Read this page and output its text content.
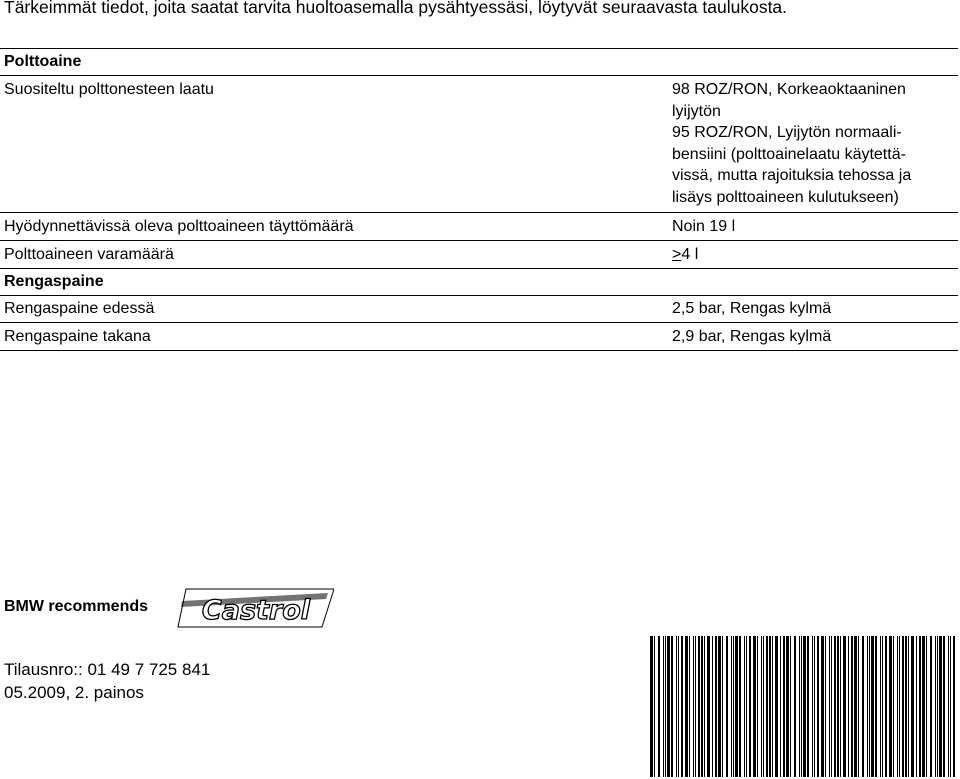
Tärkeimmät tiedot, joita saatat tarvita huoltoasemalla pysähtyessäsi, löytyvät seuraavasta taulukosta.
Polttoaine
Suositeltu polttonesteen laatu	98 ROZ/RON, Korkeaoktaaninen
lyijytön
95 ROZ/RON, Lyijytön normaali-
bensiini (polttoainelaatu käytettä-
vissä, mutta rajoituksia tehossa ja
lisäys polttoaineen kulutukseen)
Hyödynnettävissä oleva polttoaineen täyttömäärä	Noin 19 l
Polttoaineen varamäärä	≥4 l
Rengaspaine
Rengaspaine edessä	2,5 bar, Rengas kylmä
Rengaspaine takana	2,9 bar, Rengas kylmä
BMW recommends Castrol
Tilausnro:: 01 49 7 725 841
05.2009, 2. painos
